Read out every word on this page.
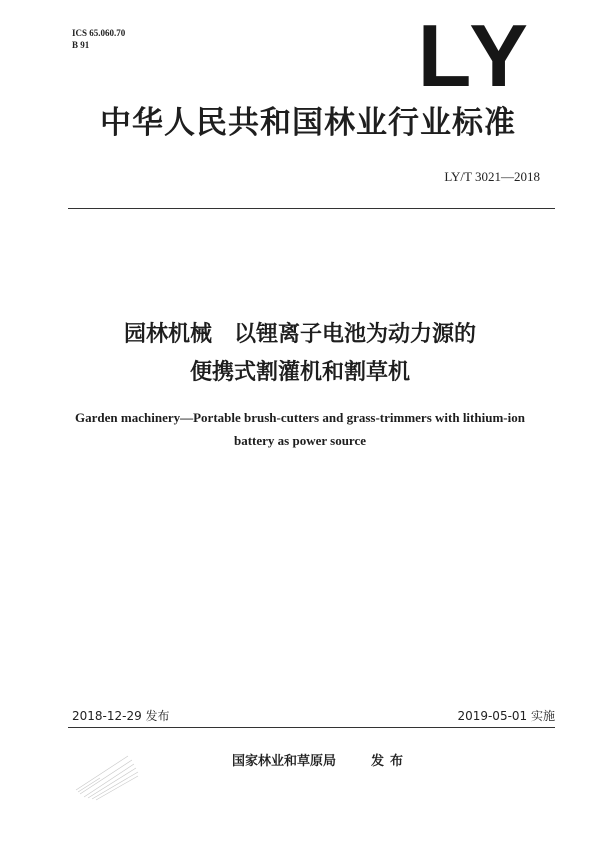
ICS 65.060.70
B 91	LY
中华人民共和国林业行业标准
LY/T 3021—2018
园林机械　以锂离子电池为动力源的
便携式割灌机和割草机
Garden machinery—Portable brush-cutters and grass-trimmers with lithium-ion
battery as power source
2018-12-29 发布	2019-05-01 实施
国家林业和草原局	发布
